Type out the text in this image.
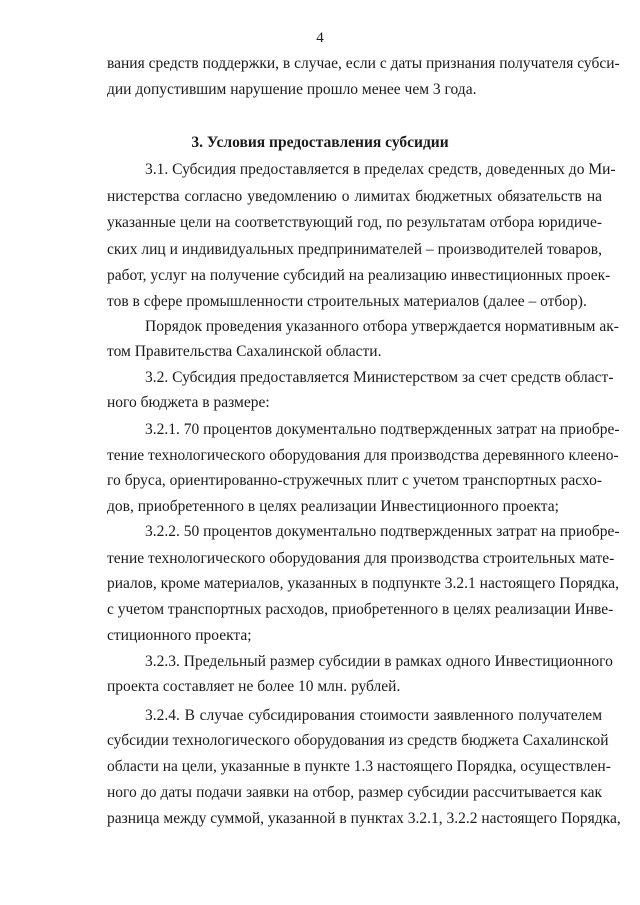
4
вания средств поддержки, в случае, если с даты признания получателя субси-
дии допустившим нарушение прошло менее чем 3 года.
3. Условия предоставления субсидии
3.1. Субсидия предоставляется в пределах средств, доведенных до Ми-
нистерства согласно уведомлению о лимитах бюджетных обязательств на
указанные цели на соответствующий год, по результатам отбора юридиче-
ских лиц и индивидуальных предпринимателей – производителей товаров,
работ, услуг на получение субсидий на реализацию инвестиционных проек-
тов в сфере промышленности строительных материалов (далее – отбор).
Порядок проведения указанного отбора утверждается нормативным ак-
том Правительства Сахалинской области.
3.2. Субсидия предоставляется Министерством за счет средств област-
ного бюджета в размере:
3.2.1. 70 процентов документально подтвержденных затрат на приобре-
тение технологического оборудования для производства деревянного клеено-
го бруса, ориентированно-стружечных плит с учетом транспортных расхо-
дов, приобретенного в целях реализации Инвестиционного проекта;
3.2.2. 50 процентов документально подтвержденных затрат на приобре-
тение технологического оборудования для производства строительных мате-
риалов, кроме материалов, указанных в подпункте 3.2.1 настоящего Порядка,
с учетом транспортных расходов, приобретенного в целях реализации Инве-
стиционного проекта;
3.2.3. Предельный размер субсидии в рамках одного Инвестиционного
проекта составляет не более 10 млн. рублей.
3.2.4. В случае субсидирования стоимости заявленного получателем
субсидии технологического оборудования из средств бюджета Сахалинской
области на цели, указанные в пункте 1.3 настоящего Порядка, осуществлен-
ного до даты подачи заявки на отбор, размер субсидии рассчитывается как
разница между суммой, указанной в пунктах 3.2.1, 3.2.2 настоящего Порядка,
